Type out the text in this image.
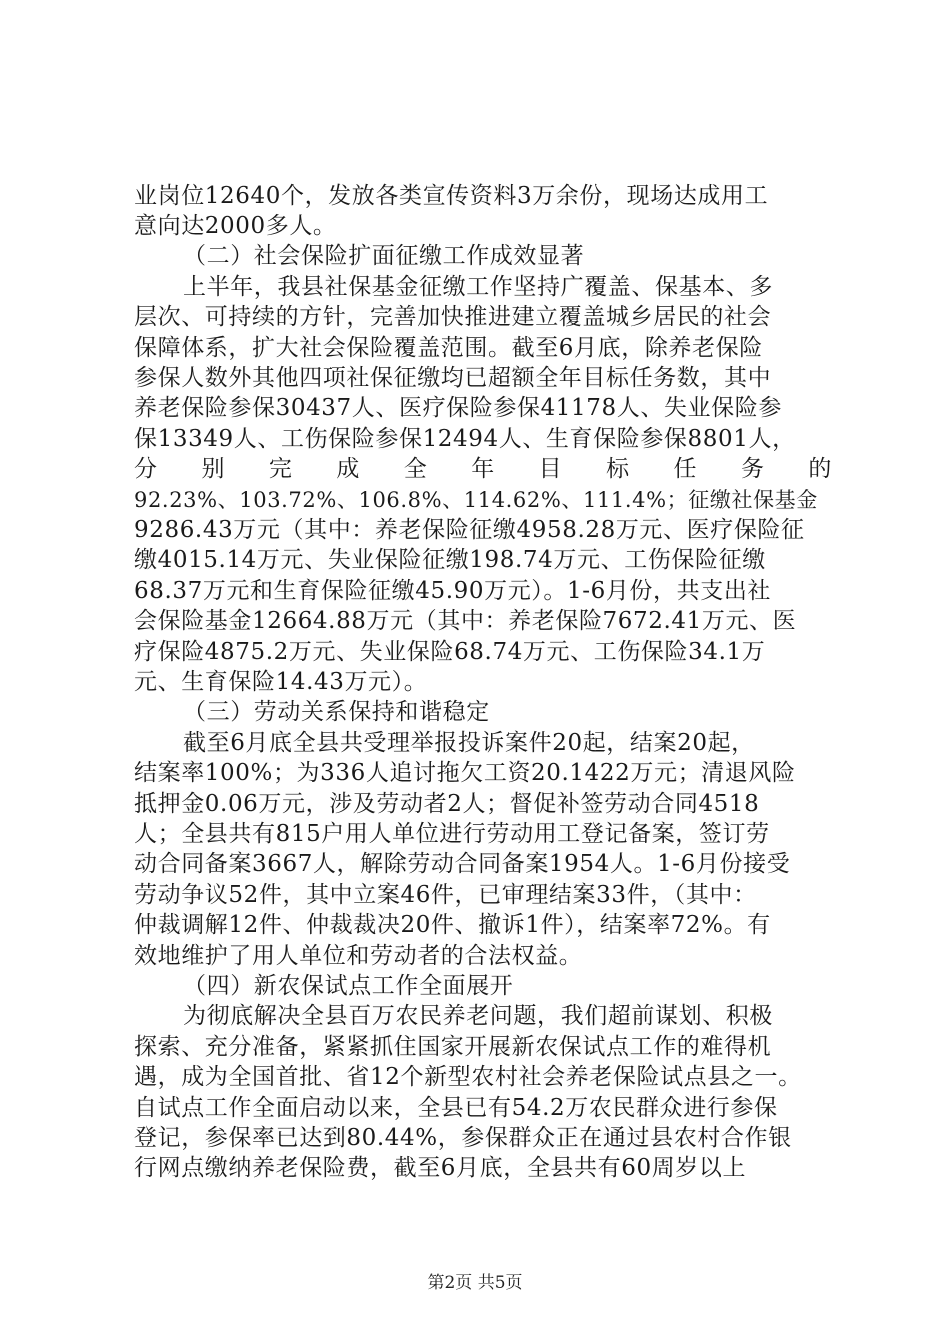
业岗位12640个，发放各类宣传资料3万余份，现场达成用工
意向达2000多人。
（二）社会保险扩面征缴工作成效显著
上半年，我县社保基金征缴工作坚持广覆盖、保基本、多
层次、可持续的方针，完善加快推进建立覆盖城乡居民的社会
保障体系，扩大社会保险覆盖范围。截至6月底，除养老保险
参保人数外其他四项社保征缴均已超额全年目标任务数，其中
养老保险参保30437人、医疗保险参保41178人、失业保险参
保13349人、工伤保险参保12494人、生育保险参保8801人，
分别完成全年目标任务的
92.23%、103.72%、106.8%、114.62%、111.4%；征缴社保基金
9286.43万元（其中：养老保险征缴4958.28万元、医疗保险征
缴4015.14万元、失业保险征缴198.74万元、工伤保险征缴
68.37万元和生育保险征缴45.90万元）。1-6月份，共支出社
会保险基金12664.88万元（其中：养老保险7672.41万元、医
疗保险4875.2万元、失业保险68.74万元、工伤保险34.1万
元、生育保险14.43万元）。
（三）劳动关系保持和谐稳定
截至6月底全县共受理举报投诉案件20起，结案20起，
结案率100%；为336人追讨拖欠工资20.1422万元；清退风险
抵押金0.06万元，涉及劳动者2人；督促补签劳动合同4518
人；全县共有815户用人单位进行劳动用工登记备案，签订劳
动合同备案3667人，解除劳动合同备案1954人。1-6月份接受
劳动争议52件，其中立案46件，已审理结案33件，（其中：
仲裁调解12件、仲裁裁决20件、撤诉1件），结案率72%。有
效地维护了用人单位和劳动者的合法权益。
（四）新农保试点工作全面展开
为彻底解决全县百万农民养老问题，我们超前谋划、积极
探索、充分准备，紧紧抓住国家开展新农保试点工作的难得机
遇，成为全国首批、省12个新型农村社会养老保险试点县之一。
自试点工作全面启动以来，全县已有54.2万农民群众进行参保
登记，参保率已达到80.44%，参保群众正在通过县农村合作银
行网点缴纳养老保险费，截至6月底，全县共有60周岁以上
第2页 共5页
